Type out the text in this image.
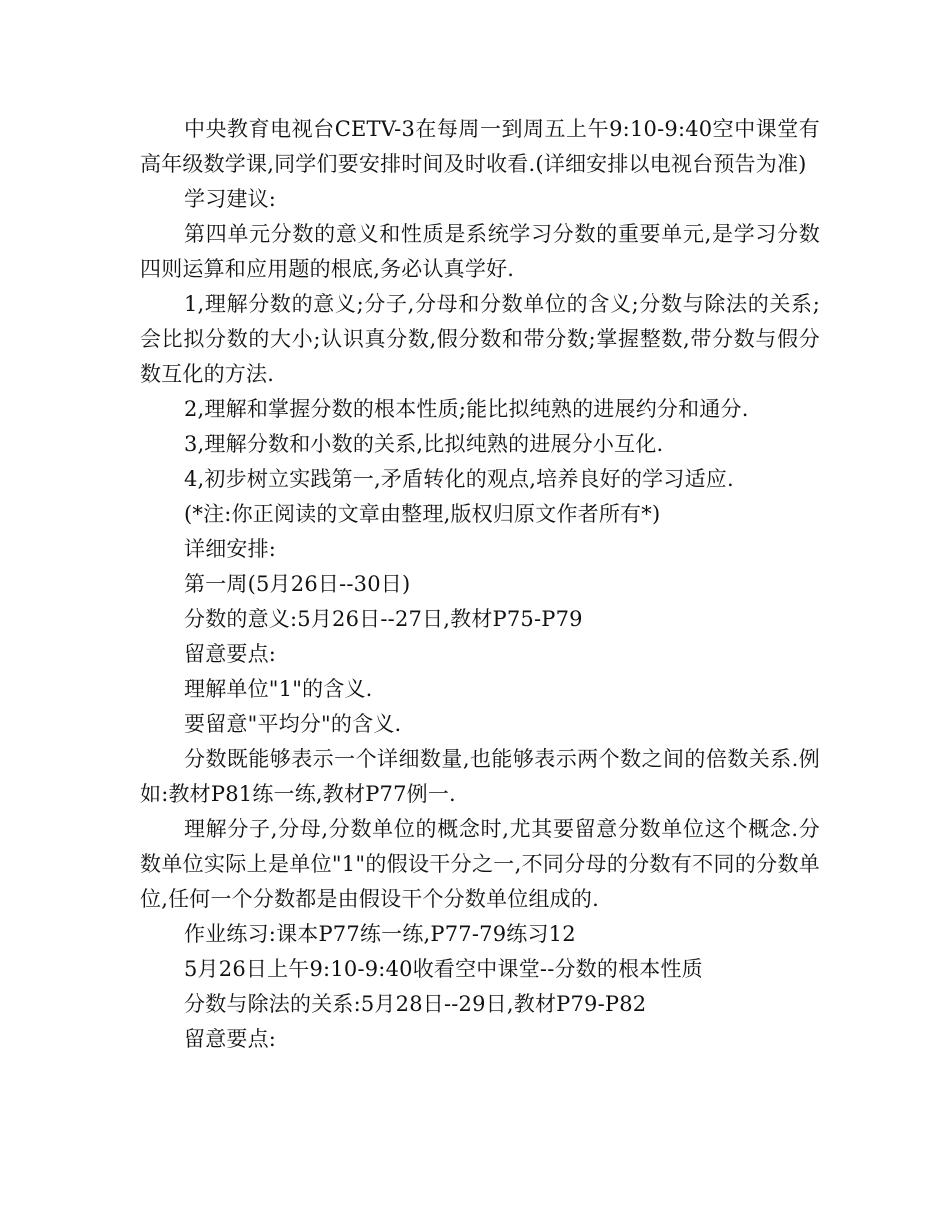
中央教育电视台CETV-3在每周一到周五上午9:10-9:40空中课堂有高年级数学课,同学们要安排时间及时收看.(详细安排以电视台预告为准)

学习建议:

第四单元分数的意义和性质是系统学习分数的重要单元,是学习分数四则运算和应用题的根底,务必认真学好.

1,理解分数的意义;分子,分母和分数单位的含义;分数与除法的关系;会比拟分数的大小;认识真分数,假分数和带分数;掌握整数,带分数与假分数互化的方法.

2,理解和掌握分数的根本性质;能比拟纯熟的进展约分和通分.

3,理解分数和小数的关系,比拟纯熟的进展分小互化.

4,初步树立实践第一,矛盾转化的观点,培养良好的学习适应.

(*注:你正阅读的文章由整理,版权归原文作者所有*)

详细安排:

第一周(5月26日--30日)

分数的意义:5月26日--27日,教材P75-P79

留意要点:

理解单位"1"的含义.

要留意"平均分"的含义.

分数既能够表示一个详细数量,也能够表示两个数之间的倍数关系.例如:教材P81练一练,教材P77例一.

理解分子,分母,分数单位的概念时,尤其要留意分数单位这个概念.分数单位实际上是单位"1"的假设干分之一,不同分母的分数有不同的分数单位,任何一个分数都是由假设干个分数单位组成的.

作业练习:课本P77练一练,P77-79练习12

5月26日上午9:10-9:40收看空中课堂--分数的根本性质

分数与除法的关系:5月28日--29日,教材P79-P82

留意要点:
